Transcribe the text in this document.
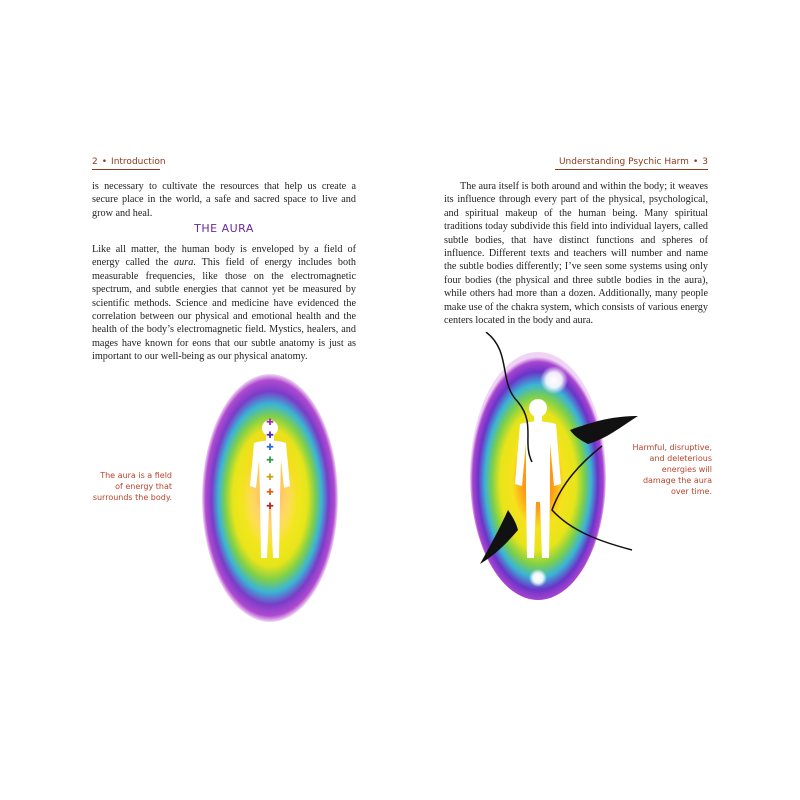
2 • Introduction

is necessary to cultivate the resources that help us create a secure place in the world, a safe and sacred space to live and grow and heal.

THE AURA

Like all matter, the human body is enveloped by a field of energy called the aura. This field of energy includes both measurable frequencies, like those on the electromagnetic spectrum, and subtle energies that cannot yet be measured by scientific methods. Science and medicine have evidenced the correlation between our physical and emotional health and the health of the body’s electromagnetic field. Mystics, healers, and mages have known for eons that our subtle anatomy is just as important to our well-being as our physical anatomy.

The aura is a field of energy that surrounds the body.
✚
✚
✚
✚
✚
✚
✚
Understanding Psychic Harm • 3

The aura itself is both around and within the body; it weaves its influence through every part of the physical, psychological, and spiritual makeup of the human being. Many spiritual traditions today subdivide this field into individual layers, called subtle bodies, that have distinct functions and spheres of influence. Different texts and teachers will number and name the subtle bodies differently; I’ve seen some systems using only four bodies (the physical and three subtle bodies in the aura), while others had more than a dozen. Additionally, many people make use of the chakra system, which consists of various energy centers located in the body and aura.

Harmful, disruptive, and deleterious energies will damage the aura over time.
